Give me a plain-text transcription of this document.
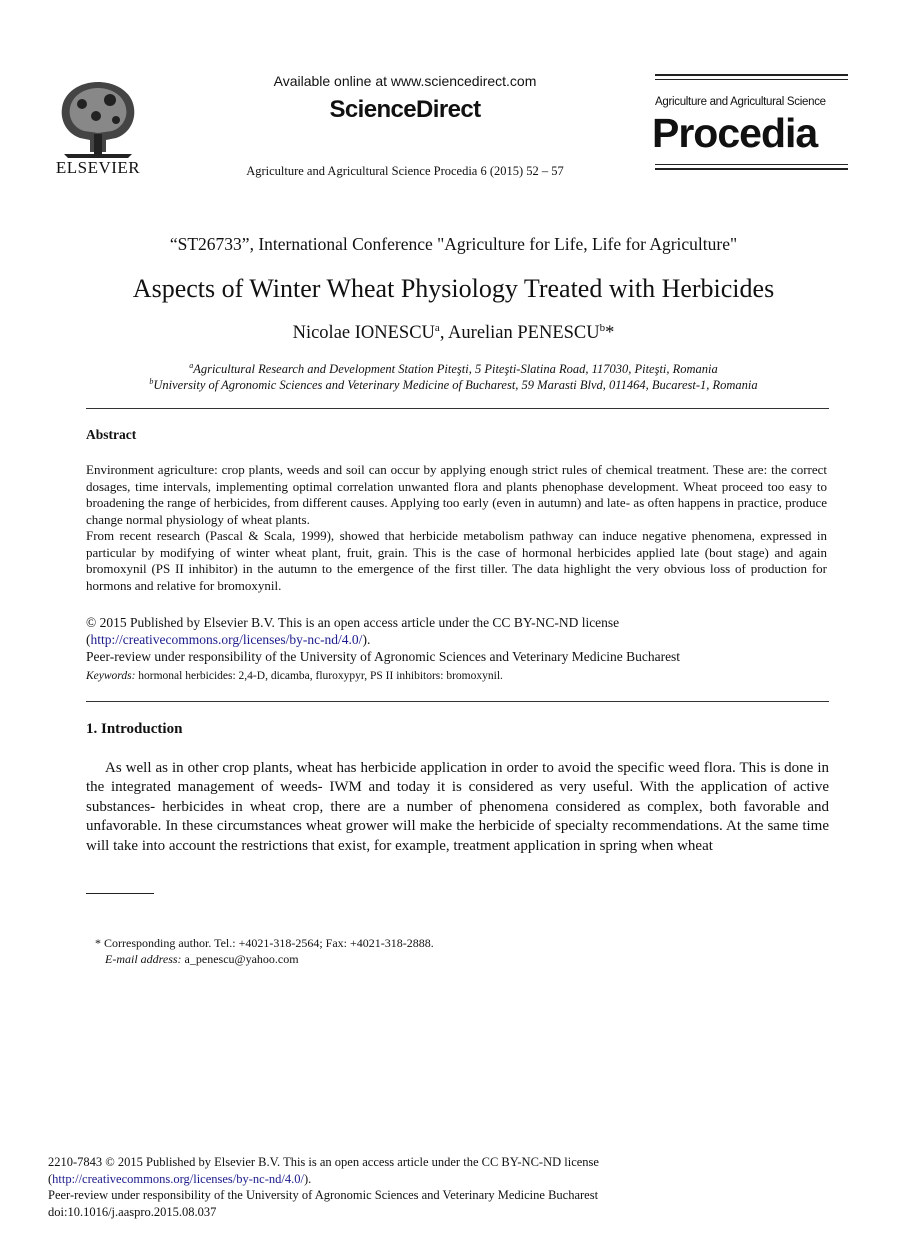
ELSEVIER
Available online at www.sciencedirect.com
ScienceDirect
Agriculture and Agricultural Science Procedia 6 (2015) 52 – 57
Agriculture and Agricultural Science
Procedia
“ST26733”, International Conference "Agriculture for Life, Life for Agriculture"
Aspects of Winter Wheat Physiology Treated with Herbicides
Nicolae IONESCU$^a$, Aurelian PENESCU$^b$*
$^a$Agricultural Research and Development Station Piteşti, 5 Piteşti-Slatina Road, 117030, Piteşti, Romania
$^b$University of Agronomic Sciences and Veterinary Medicine of Bucharest, 59 Marasti Blvd, 011464, Bucarest-1, Romania
Abstract

Environment agriculture: crop plants, weeds and soil can occur by applying enough strict rules of chemical treatment. These are: the correct dosages, time intervals, implementing optimal correlation unwanted flora and plants phenophase development. Wheat proceed too easy to broadening the range of herbicides, from different causes. Applying too early (even in autumn) and late- as often happens in practice, produce change normal physiology of wheat plants.

From recent research (Pascal & Scala, 1999), showed that herbicide metabolism pathway can induce negative phenomena, expressed in particular by modifying of winter wheat plant, fruit, grain. This is the case of hormonal herbicides applied late (bout stage) and again bromoxynil (PS II inhibitor) in the autumn to the emergence of the first tiller. The data highlight the very obvious loss of production for hormons and relative for bromoxynil.

© 2015 Published by Elsevier B.V. This is an open access article under the CC BY-NC-ND license

(http://creativecommons.org/licenses/by-nc-nd/4.0/).

Peer-review under responsibility of the University of Agronomic Sciences and Veterinary Medicine Bucharest

Keywords: hormonal herbicides: 2,4-D, dicamba, fluroxypyr, PS II inhibitors: bromoxynil.
1. Introduction

As well as in other crop plants, wheat has herbicide application in order to avoid the specific weed flora. This is done in the integrated management of weeds- IWM and today it is considered as very useful. With the application of active substances- herbicides in wheat crop, there are a number of phenomena considered as complex, both favorable and unfavorable. In these circumstances wheat grower will make the herbicide of specialty recommendations. At the same time will take into account the restrictions that exist, for example, treatment application in spring when wheat

* Corresponding author. Tel.: +4021-318-2564; Fax: +4021-318-2888.
E-mail address: a_penescu@yahoo.com
2210-7843 © 2015 Published by Elsevier B.V. This is an open access article under the CC BY-NC-ND license
(http://creativecommons.org/licenses/by-nc-nd/4.0/).
Peer-review under responsibility of the University of Agronomic Sciences and Veterinary Medicine Bucharest
doi:10.1016/j.aaspro.2015.08.037
